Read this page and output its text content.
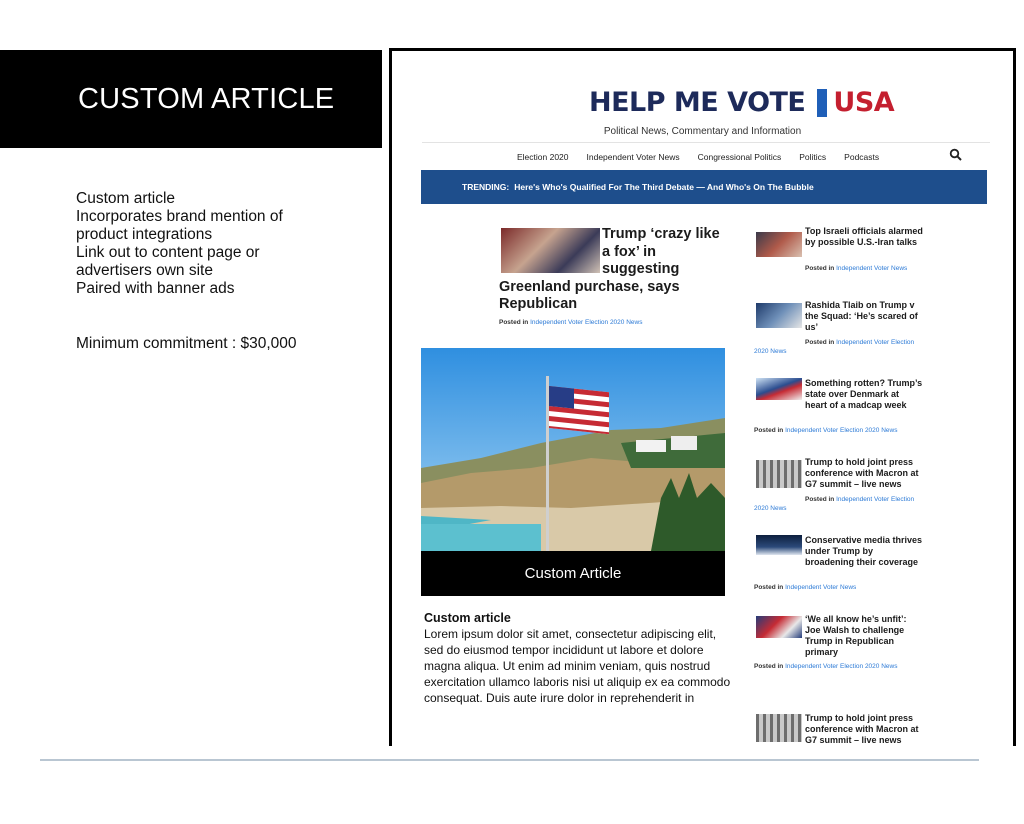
CUSTOM ARTICLE
Custom article
Incorporates brand mention of product integrations
Link out to content page or advertisers own site
Paired with banner ads
Minimum commitment : $30,000
HELP ME VOTE USA
Political News, Commentary and Information
Election 2020 Independent Voter News Congressional Politics Politics Podcasts
TRENDING: Here's Who's Qualified For The Third Debate — And Who's On The Bubble
Trump ‘crazy like a fox’ in suggesting Greenland purchase, says Republican
Posted in Independent Voter Election 2020 News
Custom Article
Custom article
Lorem ipsum dolor sit amet, consectetur adipiscing elit, sed do eiusmod tempor incididunt ut labore et dolore magna aliqua. Ut enim ad minim veniam, quis nostrud exercitation ullamco laboris nisi ut aliquip ex ea commodo consequat. Duis aute irure dolor in reprehenderit in
Top Israeli officials alarmed by possible U.S.-Iran talks
Posted in Independent Voter News
Rashida Tlaib on Trump v the Squad: ‘He’s scared of us’
Posted in Independent Voter Election 2020 News
Something rotten? Trump’s state over Denmark at heart of a madcap week
Posted in Independent Voter Election 2020 News
Trump to hold joint press conference with Macron at G7 summit – live news
Posted in Independent Voter Election 2020 News
Conservative media thrives under Trump by broadening their coverage
Posted in Independent Voter News
‘We all know he’s unfit’: Joe Walsh to challenge Trump in Republican primary
Posted in Independent Voter Election 2020 News
Trump to hold joint press conference with Macron at G7 summit – live news
